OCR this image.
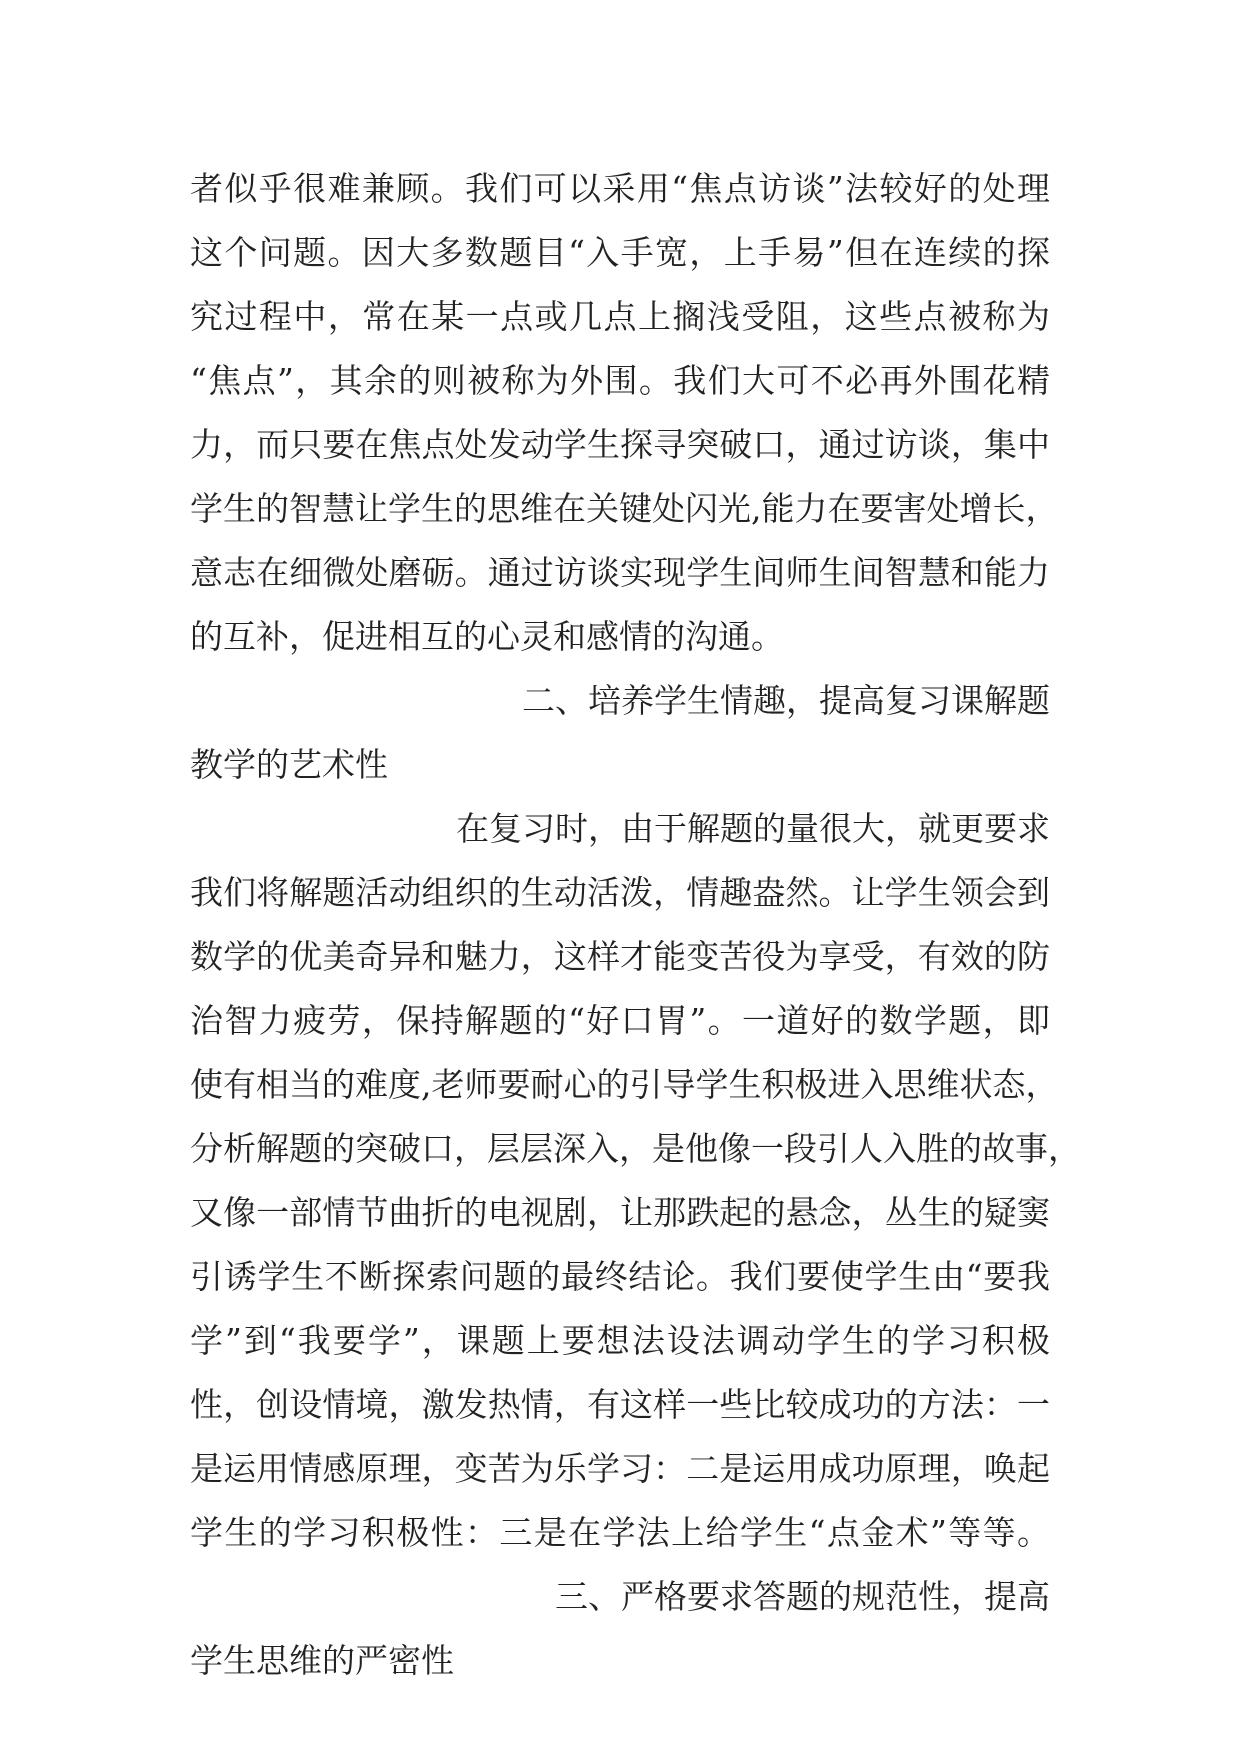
者似乎很难兼顾。我们可以采用“焦点访谈”法较好的处理
这个问题。因大多数题目“入手宽，上手易”但在连续的探
究过程中，常在某一点或几点上搁浅受阻，这些点被称为
“焦点”，其余的则被称为外围。我们大可不必再外围花精
力，而只要在焦点处发动学生探寻突破口，通过访谈，集中
学生的智慧让学生的思维在关键处闪光,能力在要害处增长，
意志在细微处磨砺。通过访谈实现学生间师生间智慧和能力
的互补，促进相互的心灵和感情的沟通。
二、培养学生情趣，提高复习课解题
教学的艺术性
在复习时，由于解题的量很大，就更要求
我们将解题活动组织的生动活泼，情趣盎然。让学生领会到
数学的优美奇异和魅力，这样才能变苦役为享受，有效的防
治智力疲劳，保持解题的“好口胃”。一道好的数学题，即
使有相当的难度,老师要耐心的引导学生积极进入思维状态，
分析解题的突破口，层层深入，是他像一段引人入胜的故事，
又像一部情节曲折的电视剧，让那跌起的悬念，丛生的疑窦
引诱学生不断探索问题的最终结论。我们要使学生由“要我
学”到“我要学”，课题上要想法设法调动学生的学习积极
性，创设情境，激发热情，有这样一些比较成功的方法：一
是运用情感原理，变苦为乐学习：二是运用成功原理，唤起
学生的学习积极性：三是在学法上给学生“点金术”等等。
三、严格要求答题的规范性，提高
学生思维的严密性
